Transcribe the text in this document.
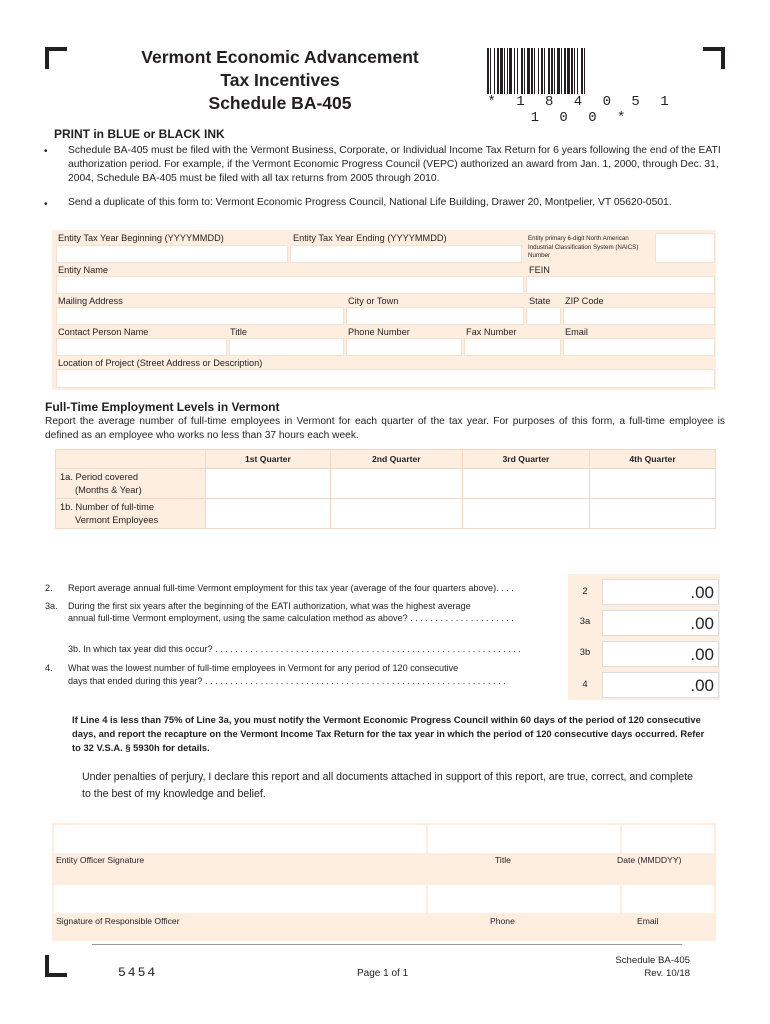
Vermont Economic Advancement
Tax Incentives
Schedule BA-405	* 1 8 4 0 5 1 1 0 0 *
PRINT in BLUE or BLACK INK
• Schedule BA-405 must be filed with the Vermont Business, Corporate, or Individual Income Tax Return for 6 years following the end of the EATI authorization period. For example, if the Vermont Economic Progress Council (VEPC) authorized an award from Jan. 1, 2000, through Dec. 31, 2004, Schedule BA-405 must be filed with all tax returns from 2005 through 2010.
• Send a duplicate of this form to: Vermont Economic Progress Council, National Life Building, Drawer 20, Montpelier, VT 05620-0501.
Entity Tax Year Beginning (YYYYMMDD)	Entity Tax Year Ending (YYYYMMDD)	Entity primary 6-digit North American Industrial Classification System (NAICS) Number
Entity Name	FEIN
Mailing Address	City or Town	State ZIP Code
Contact Person Name	Title	Phone Number	Fax Number	Email
Location of Project (Street Address or Description)
Full-Time Employment Levels in Vermont
Report the average number of full-time employees in Vermont for each quarter of the tax year. For purposes of this form, a full-time employee is defined as an employee who works no less than 37 hours each week.
	1st Quarter	2nd Quarter	3rd Quarter	4th Quarter

1a. Period covered
(Months & Year)				

1b. Number of full-time
Vermont Employees				

2. Report average annual full-time Vermont employment for this tax year (average of the four quarters above). . . .	2	.00
3a. During the first six years after the beginning of the EATI authorization, what was the highest average
annual full-time Vermont employment, using the same calculation method as above? . . . . . . . . . . . . . . . . . . . . .	3a	.00
3b. In which tax year did this occur? . . . . . . . . . . . . . . . . . . . . . . . . . . . . . . . . . . . . . . . . . . . . . . . . . . . . . . . . . . . . .	3b	.00
4. What was the lowest number of full-time employees in Vermont for any period of 120 consecutive
days that ended during this year? . . . . . . . . . . . . . . . . . . . . . . . . . . . . . . . . . . . . . . . . . . . . . . . . . . . . . . . . . . . .	4	.00
If Line 4 is less than 75% of Line 3a, you must notify the Vermont Economic Progress Council within 60 days of the period of 120 consecutive days, and report the recapture on the Vermont Income Tax Return for the tax year in which the period of 120 consecutive days occurred. Refer to 32 V.S.A. § 5930h for details.
Under penalties of perjury, I declare this report and all documents attached in support of this report, are true, correct, and complete to the best of my knowledge and belief.
Entity Officer Signature	Title	Date (MMDDYY)
Signature of Responsible Officer	Phone	Email
5454	Page 1 of 1
Schedule BA-405
Rev. 10/18
